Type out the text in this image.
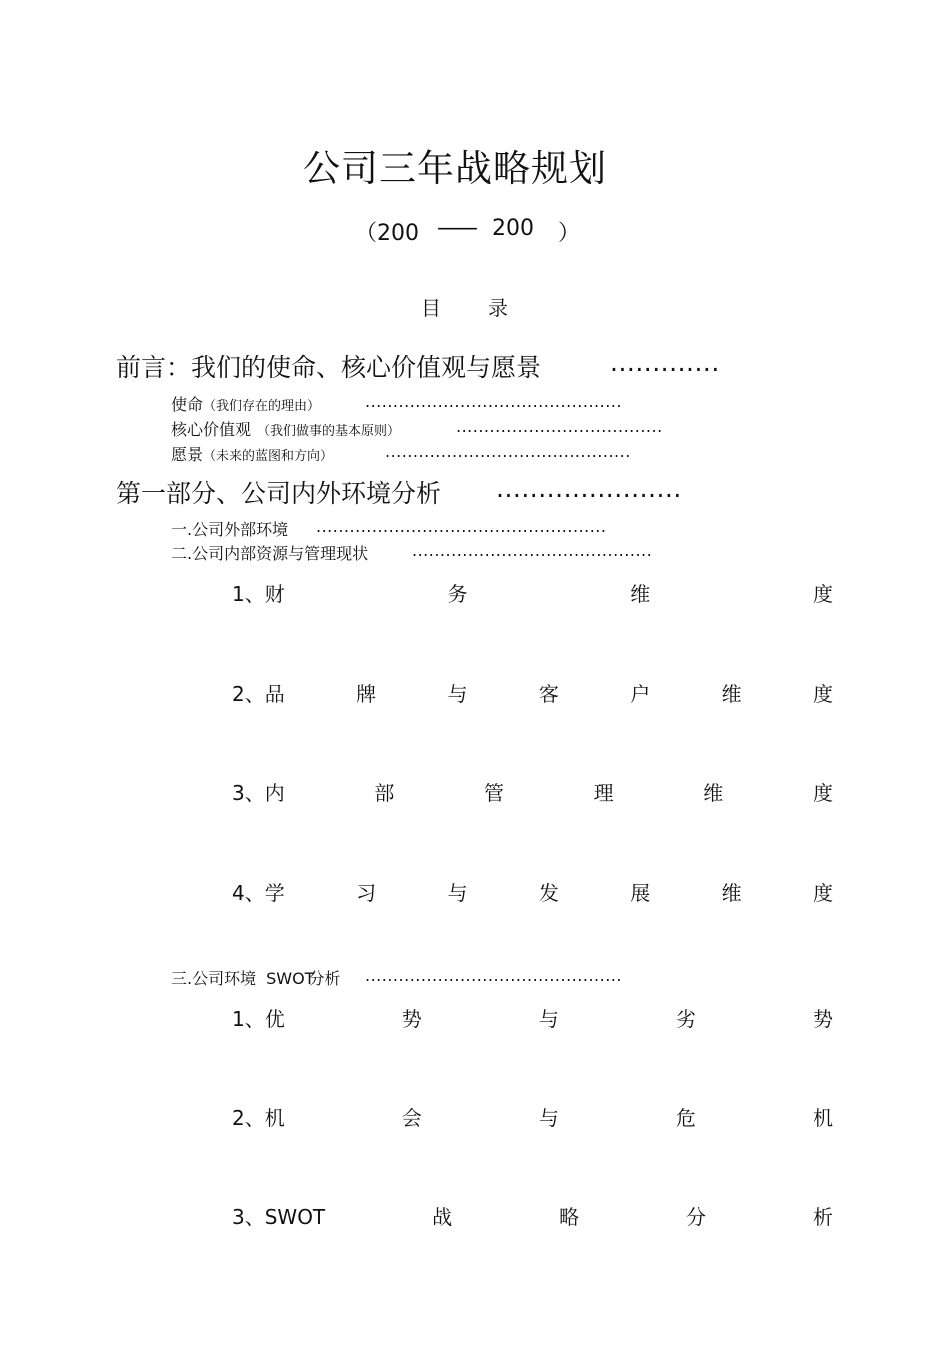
公司三年战略规划
（200 —— 200 ）
目 录
前言：我们的使命、核心价值观与愿景	.............
使命（我们存在的理由）	..............................................
核心价值观 （我们做事的基本原则）	.....................................
愿景（未来的蓝图和方向）	............................................
第一部分、公司内外环境分析 ......................
一.公司外部环境 ....................................................
二.公司内部资源与管理现状	...........................................
1、财	务	维	度
2、品	牌	与	客	户	维	度
3、内	部	管	理	维	度
4、学	习	与	发	展	维	度
三.公司环境 SWOT分析 ..............................................
1、优	势	与	劣	势
2、机	会	与	危	机
3、SWOT	战	略	分	析
